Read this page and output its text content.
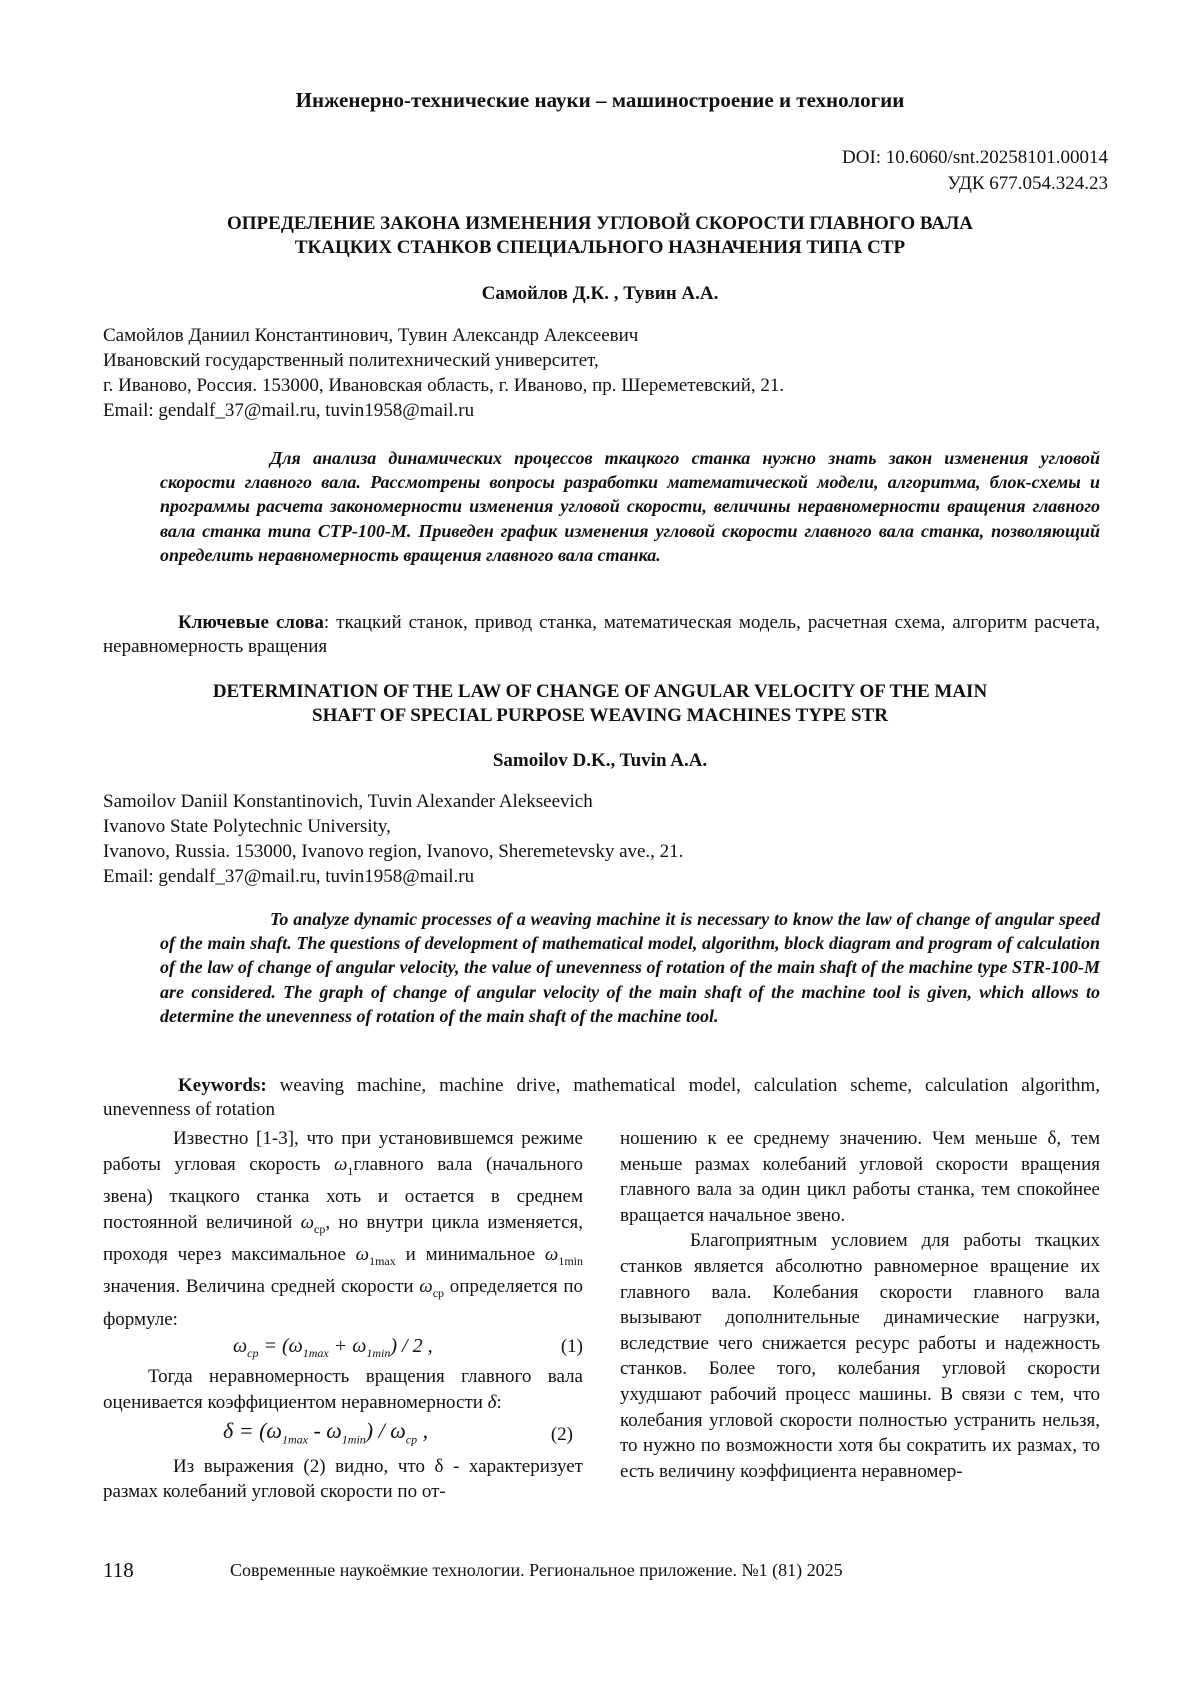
Инженерно-технические науки – машиностроение и технологии
DOI: 10.6060/snt.20258101.00014
УДК 677.054.324.23
ОПРЕДЕЛЕНИЕ ЗАКОНА ИЗМЕНЕНИЯ УГЛОВОЙ СКОРОСТИ ГЛАВНОГО ВАЛА
ТКАЦКИХ СТАНКОВ СПЕЦИАЛЬНОГО НАЗНАЧЕНИЯ ТИПА СТР
Самойлов Д.К. , Тувин А.А.
Самойлов Даниил Константинович, Тувин Александр Алексеевич
Ивановский государственный политехнический университет,
г. Иваново, Россия. 153000, Ивановская область, г. Иваново, пр. Шереметевский, 21.
Email: gendalf_37@mail.ru, tuvin1958@mail.ru
Для анализа динамических процессов ткацкого станка нужно знать закон изменения угловой скорости главного вала. Рассмотрены вопросы разработки математической модели, алгоритма, блок-схемы и программы расчета закономерности изменения угловой скорости, величины неравномерности вращения главного вала станка типа СТР-100-М. Приведен график изменения угловой скорости главного вала станка, позволяющий определить неравномерность вращения главного вала станка.
Ключевые слова: ткацкий станок, привод станка, математическая модель, расчетная схема, алгоритм расчета, неравномерность вращения
DETERMINATION OF THE LAW OF CHANGE OF ANGULAR VELOCITY OF THE MAIN
SHAFT OF SPECIAL PURPOSE WEAVING MACHINES TYPE STR
Samoilov D.K., Tuvin A.A.
Samoilov Daniil Konstantinovich, Tuvin Alexander Alekseevich
Ivanovo State Polytechnic University,
Ivanovo, Russia. 153000, Ivanovo region, Ivanovo, Sheremetevsky ave., 21.
Email: gendalf_37@mail.ru, tuvin1958@mail.ru
To analyze dynamic processes of a weaving machine it is necessary to know the law of change of angular speed of the main shaft. The questions of development of mathematical model, algorithm, block diagram and program of calculation of the law of change of angular velocity, the value of unevenness of rotation of the main shaft of the machine type STR-100-M are considered. The graph of change of angular velocity of the main shaft of the machine tool is given, which allows to determine the unevenness of rotation of the main shaft of the machine tool.
Keywords: weaving machine, machine drive, mathematical model, calculation scheme, calculation algorithm, unevenness of rotation

Известно [1-3], что при установившемся режиме работы угловая скорость $\omega_1главного$ вала (начального звена) ткацкого станка хоть и остается в среднем постоянной величиной $\omega_{ср}$, но внутри цикла изменяется, проходя через максимальное $\omega_{1max}$ и минимальное $\omega_{1min}$ значения. Величина средней скорости $\omega_{ср}$ определяется по формуле:

$\omega_{ср} = (\omega_{1max} + \omega_{1min}) / 2$ ,	(1)

Тогда неравномерность вращения главного вала оценивается коэффициентом неравномерности δ:

$\delta = (\omega_{1max} - \omega_{1min}) / \omega_{ср}$ ,	(2)

Из выражения (2) видно, что δ - характеризует размах колебаний угловой скорости по от-

ношению к ее среднему значению. Чем меньше δ, тем меньше размах колебаний угловой скорости вращения главного вала за один цикл работы станка, тем спокойнее вращается начальное звено.

Благоприятным условием для работы ткацких станков является абсолютно равномерное вращение их главного вала. Колебания скорости главного вала вызывают дополнительные динамические нагрузки, вследствие чего снижается ресурс работы и надежность станков. Более того, колебания угловой скорости ухудшают рабочий процесс машины. В связи с тем, что колебания угловой скорости полностью устранить нельзя, то нужно по возможности хотя бы сократить их размах, то есть величину коэффициента неравномер-

118	Современные наукоёмкие технологии. Региональное приложение. №1 (81) 2025
